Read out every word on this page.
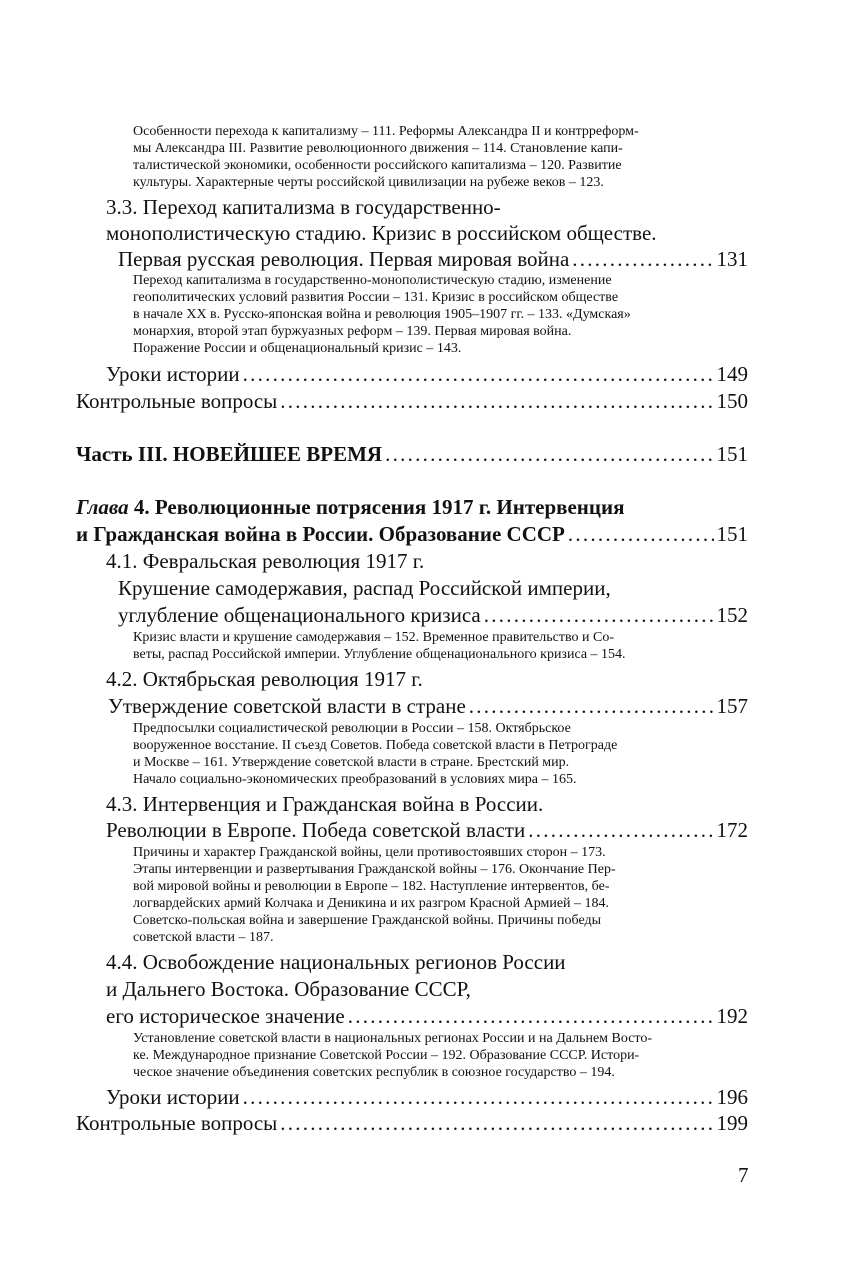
Особенности перехода к капитализму – 111. Реформы Александра II и контрреформ-
мы Александра III. Развитие революционного движения – 114. Становление капи-
талистической экономики, особенности российского капитализма – 120. Развитие
культуры. Характерные черты российской цивилизации на рубеже веков – 123.
3.3. Переход капитализма в государственно-
монополистическую стадию. Кризис в российском обществе.
Первая русская революция. Первая мировая война . . .	131
Переход капитализма в государственно-монополистическую стадию, изменение
геополитических условий развития России – 131. Кризис в российском обществе
в начале XX в. Русско-японская война и революция 1905–1907 гг. – 133. «Думская»
монархия, второй этап буржуазных реформ – 139. Первая мировая война.
Поражение России и общенациональный кризис – 143.
Уроки истории . . .	149
Контрольные вопросы . . .	150
Часть III. НОВЕЙШЕЕ ВРЕМЯ . . .	151
Глава 4. Революционные потрясения 1917 г. Интервенция
и Гражданская война в России. Образование СССР . . .	151
4.1. Февральская революция 1917 г.
Крушение самодержавия, распад Российской империи,
углубление общенационального кризиса . . .	152
Кризис власти и крушение самодержавия – 152. Временное правительство и Со-
веты, распад Российской империи. Углубление общенационального кризиса – 154.
4.2. Октябрьская революция 1917 г.
Утверждение советской власти в стране . . .	157
Предпосылки социалистической революции в России – 158. Октябрьское
вооруженное восстание. II съезд Советов. Победа советской власти в Петрограде
и Москве – 161. Утверждение советской власти в стране. Брестский мир.
Начало социально-экономических преобразований в условиях мира – 165.
4.3. Интервенция и Гражданская война в России.
Революции в Европе. Победа советской власти . . .	172
Причины и характер Гражданской войны, цели противостоявших сторон – 173.
Этапы интервенции и развертывания Гражданской войны – 176. Окончание Пер-
вой мировой войны и революции в Европе – 182. Наступление интервентов, бе-
логвардейских армий Колчака и Деникина и их разгром Красной Армией – 184.
Советско-польская война и завершение Гражданской войны. Причины победы
советской власти – 187.
4.4. Освобождение национальных регионов России
и Дальнего Востока. Образование СССР,
его историческое значение . . .	192
Установление советской власти в национальных регионах России и на Дальнем Восто-
ке. Международное признание Советской России – 192. Образование СССР. Истори-
ческое значение объединения советских республик в союзное государство – 194.
Уроки истории . . .	196
Контрольные вопросы . . .	199
7
